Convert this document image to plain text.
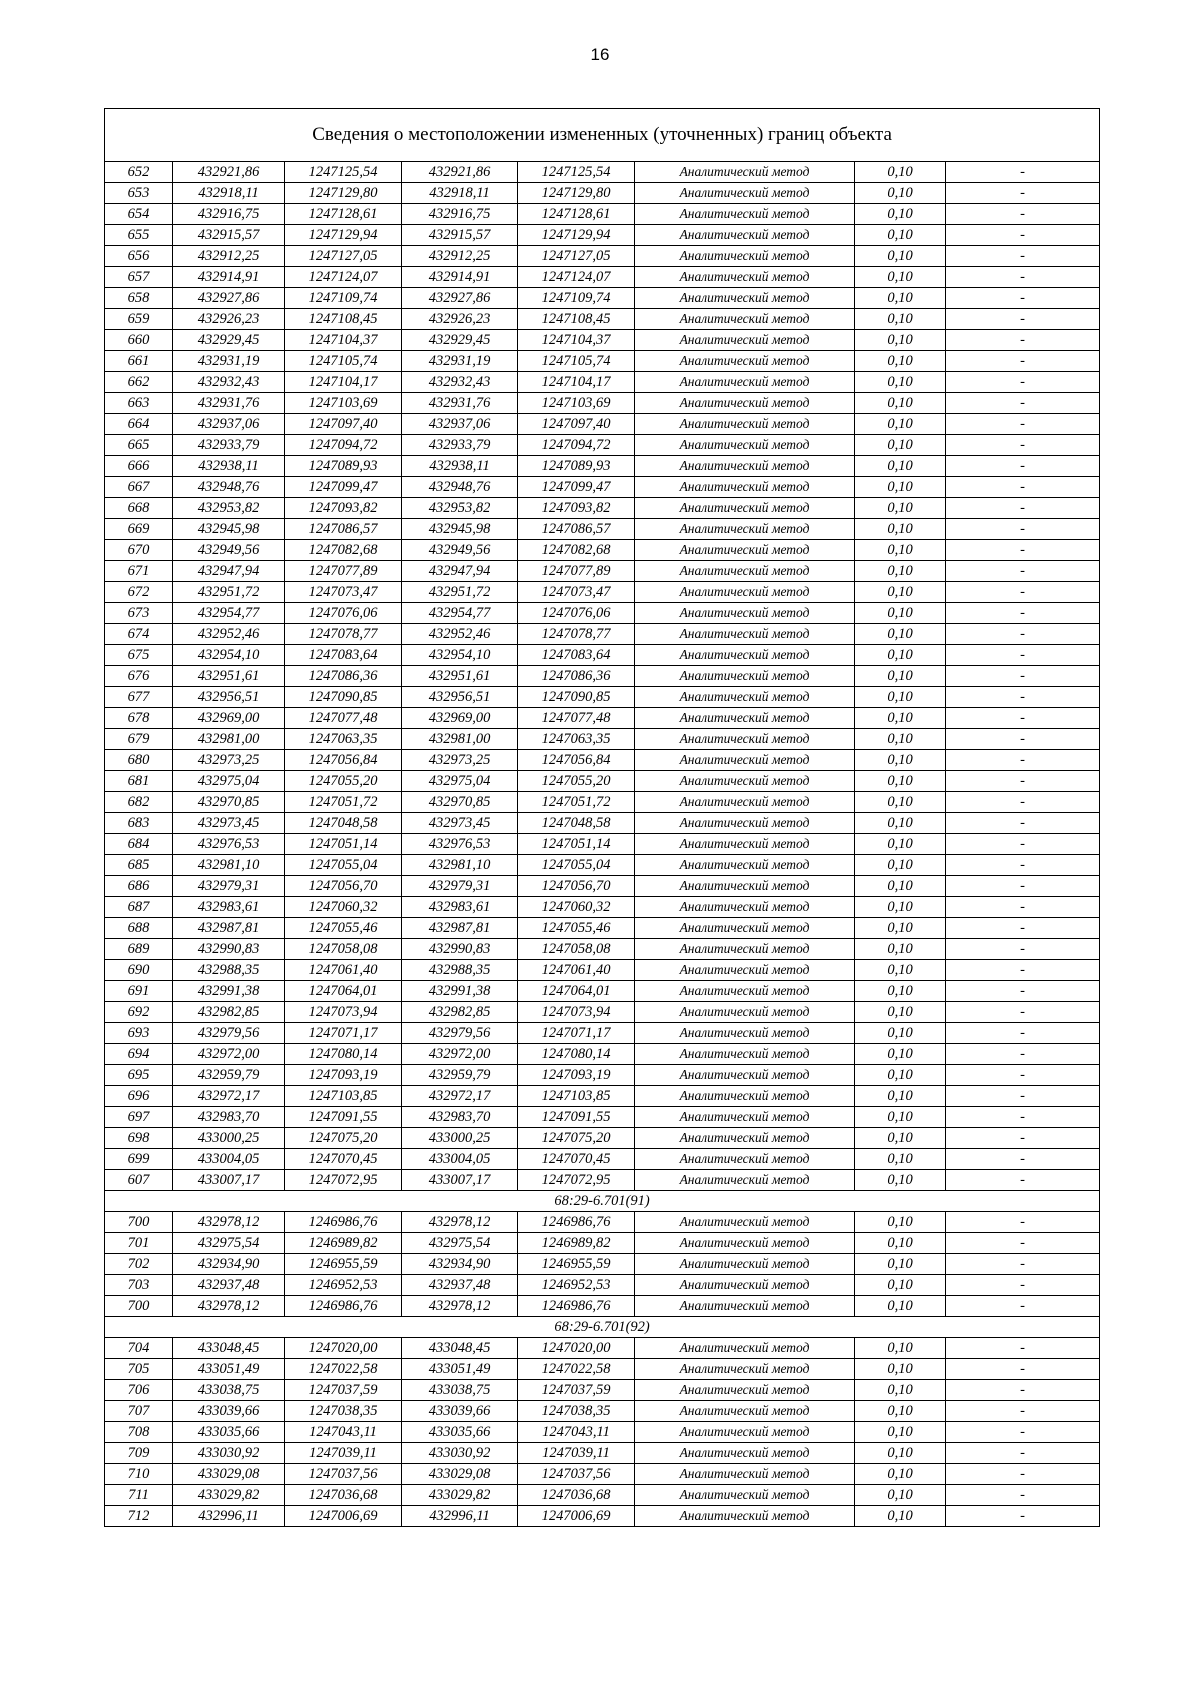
16
Сведения о местоположении измененных (уточненных) границ объекта							
652	432921,86	1247125,54	432921,86	1247125,54	Аналитический метод	0,10	-
653	432918,11	1247129,80	432918,11	1247129,80	Аналитический метод	0,10	-
654	432916,75	1247128,61	432916,75	1247128,61	Аналитический метод	0,10	-
655	432915,57	1247129,94	432915,57	1247129,94	Аналитический метод	0,10	-
656	432912,25	1247127,05	432912,25	1247127,05	Аналитический метод	0,10	-
657	432914,91	1247124,07	432914,91	1247124,07	Аналитический метод	0,10	-
658	432927,86	1247109,74	432927,86	1247109,74	Аналитический метод	0,10	-
659	432926,23	1247108,45	432926,23	1247108,45	Аналитический метод	0,10	-
660	432929,45	1247104,37	432929,45	1247104,37	Аналитический метод	0,10	-
661	432931,19	1247105,74	432931,19	1247105,74	Аналитический метод	0,10	-
662	432932,43	1247104,17	432932,43	1247104,17	Аналитический метод	0,10	-
663	432931,76	1247103,69	432931,76	1247103,69	Аналитический метод	0,10	-
664	432937,06	1247097,40	432937,06	1247097,40	Аналитический метод	0,10	-
665	432933,79	1247094,72	432933,79	1247094,72	Аналитический метод	0,10	-
666	432938,11	1247089,93	432938,11	1247089,93	Аналитический метод	0,10	-
667	432948,76	1247099,47	432948,76	1247099,47	Аналитический метод	0,10	-
668	432953,82	1247093,82	432953,82	1247093,82	Аналитический метод	0,10	-
669	432945,98	1247086,57	432945,98	1247086,57	Аналитический метод	0,10	-
670	432949,56	1247082,68	432949,56	1247082,68	Аналитический метод	0,10	-
671	432947,94	1247077,89	432947,94	1247077,89	Аналитический метод	0,10	-
672	432951,72	1247073,47	432951,72	1247073,47	Аналитический метод	0,10	-
673	432954,77	1247076,06	432954,77	1247076,06	Аналитический метод	0,10	-
674	432952,46	1247078,77	432952,46	1247078,77	Аналитический метод	0,10	-
675	432954,10	1247083,64	432954,10	1247083,64	Аналитический метод	0,10	-
676	432951,61	1247086,36	432951,61	1247086,36	Аналитический метод	0,10	-
677	432956,51	1247090,85	432956,51	1247090,85	Аналитический метод	0,10	-
678	432969,00	1247077,48	432969,00	1247077,48	Аналитический метод	0,10	-
679	432981,00	1247063,35	432981,00	1247063,35	Аналитический метод	0,10	-
680	432973,25	1247056,84	432973,25	1247056,84	Аналитический метод	0,10	-
681	432975,04	1247055,20	432975,04	1247055,20	Аналитический метод	0,10	-
682	432970,85	1247051,72	432970,85	1247051,72	Аналитический метод	0,10	-
683	432973,45	1247048,58	432973,45	1247048,58	Аналитический метод	0,10	-
684	432976,53	1247051,14	432976,53	1247051,14	Аналитический метод	0,10	-
685	432981,10	1247055,04	432981,10	1247055,04	Аналитический метод	0,10	-
686	432979,31	1247056,70	432979,31	1247056,70	Аналитический метод	0,10	-
687	432983,61	1247060,32	432983,61	1247060,32	Аналитический метод	0,10	-
688	432987,81	1247055,46	432987,81	1247055,46	Аналитический метод	0,10	-
689	432990,83	1247058,08	432990,83	1247058,08	Аналитический метод	0,10	-
690	432988,35	1247061,40	432988,35	1247061,40	Аналитический метод	0,10	-
691	432991,38	1247064,01	432991,38	1247064,01	Аналитический метод	0,10	-
692	432982,85	1247073,94	432982,85	1247073,94	Аналитический метод	0,10	-
693	432979,56	1247071,17	432979,56	1247071,17	Аналитический метод	0,10	-
694	432972,00	1247080,14	432972,00	1247080,14	Аналитический метод	0,10	-
695	432959,79	1247093,19	432959,79	1247093,19	Аналитический метод	0,10	-
696	432972,17	1247103,85	432972,17	1247103,85	Аналитический метод	0,10	-
697	432983,70	1247091,55	432983,70	1247091,55	Аналитический метод	0,10	-
698	433000,25	1247075,20	433000,25	1247075,20	Аналитический метод	0,10	-
699	433004,05	1247070,45	433004,05	1247070,45	Аналитический метод	0,10	-
607	433007,17	1247072,95	433007,17	1247072,95	Аналитический метод	0,10	-
68:29-6.701(91)							
700	432978,12	1246986,76	432978,12	1246986,76	Аналитический метод	0,10	-
701	432975,54	1246989,82	432975,54	1246989,82	Аналитический метод	0,10	-
702	432934,90	1246955,59	432934,90	1246955,59	Аналитический метод	0,10	-
703	432937,48	1246952,53	432937,48	1246952,53	Аналитический метод	0,10	-
700	432978,12	1246986,76	432978,12	1246986,76	Аналитический метод	0,10	-
68:29-6.701(92)							
704	433048,45	1247020,00	433048,45	1247020,00	Аналитический метод	0,10	-
705	433051,49	1247022,58	433051,49	1247022,58	Аналитический метод	0,10	-
706	433038,75	1247037,59	433038,75	1247037,59	Аналитический метод	0,10	-
707	433039,66	1247038,35	433039,66	1247038,35	Аналитический метод	0,10	-
708	433035,66	1247043,11	433035,66	1247043,11	Аналитический метод	0,10	-
709	433030,92	1247039,11	433030,92	1247039,11	Аналитический метод	0,10	-
710	433029,08	1247037,56	433029,08	1247037,56	Аналитический метод	0,10	-
711	433029,82	1247036,68	433029,82	1247036,68	Аналитический метод	0,10	-
712	432996,11	1247006,69	432996,11	1247006,69	Аналитический метод	0,10	-
